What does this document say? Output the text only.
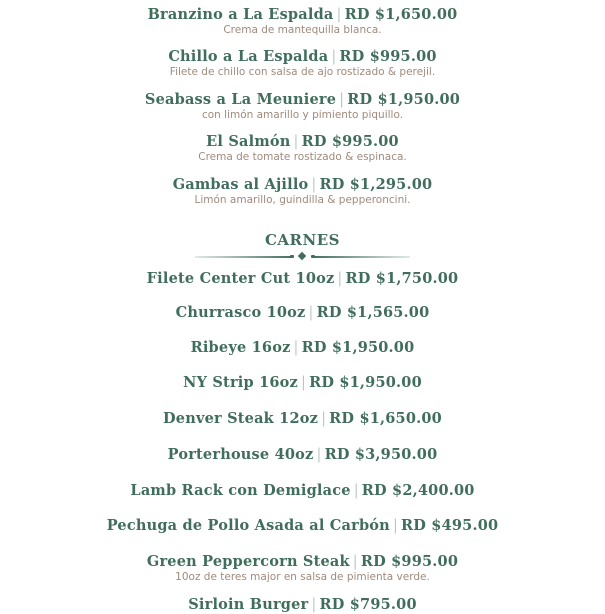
Branzino a La Espalda | RD $1,650.00
Crema de mantequilla blanca.
Chillo a La Espalda | RD $995.00
Filete de chillo con salsa de ajo rostizado & perejil.
Seabass a La Meuniere | RD $1,950.00
con limón amarillo y pimiento piquillo.
El Salmón | RD $995.00
Crema de tomate rostizado & espinaca.
Gambas al Ajillo | RD $1,295.00
Limón amarillo, guindilla & pepperoncini.
CARNES
Filete Center Cut 10oz | RD $1,750.00
Churrasco 10oz | RD $1,565.00
Ribeye 16oz | RD $1,950.00
NY Strip 16oz | RD $1,950.00
Denver Steak 12oz | RD $1,650.00
Porterhouse 40oz | RD $3,950.00
Lamb Rack con Demiglace | RD $2,400.00
Pechuga de Pollo Asada al Carbón | RD $495.00
Green Peppercorn Steak | RD $995.00
10oz de teres major en salsa de pimienta verde.
Sirloin Burger | RD $795.00
